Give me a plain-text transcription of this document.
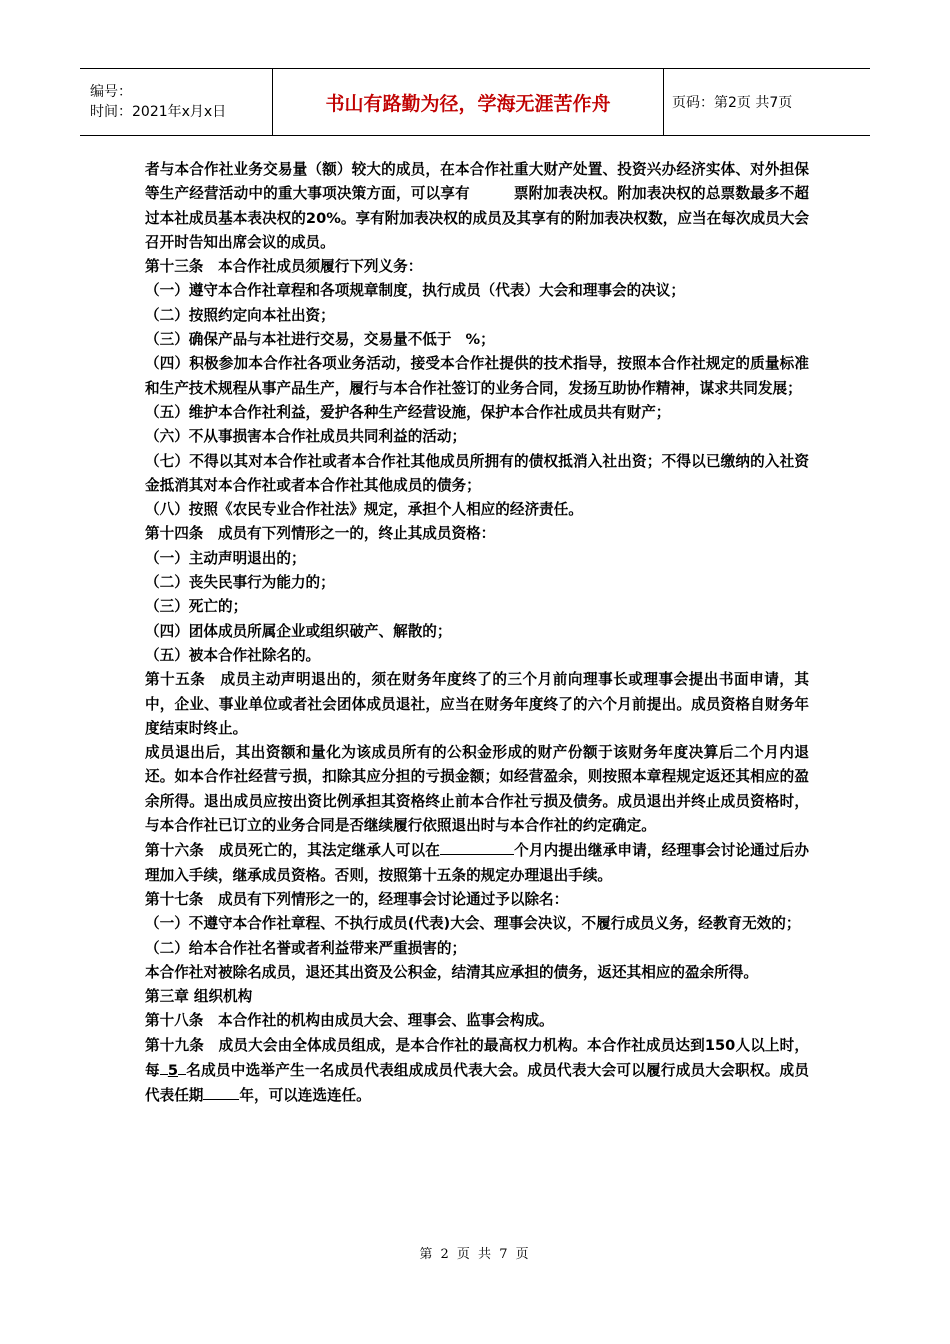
编号：
时间：2021年x月x日	书山有路勤为径，学海无涯苦作舟	页码：第2页 共7页

者与本合作社业务交易量（额）较大的成员，在本合作社重大财产处置、投资兴办经济实体、对外担保等生产经营活动中的重大事项决策方面，可以享有	票附加表决权。附加表决权的总票数最多不超过本社成员基本表决权的20%。享有附加表决权的成员及其享有的附加表决权数，应当在每次成员大会召开时告知出席会议的成员。

第十三条　本合作社成员须履行下列义务：

（一）遵守本合作社章程和各项规章制度，执行成员（代表）大会和理事会的决议；

（二）按照约定向本社出资；

（三）确保产品与本社进行交易，交易量不低于 %；

（四）积极参加本合作社各项业务活动，接受本合作社提供的技术指导，按照本合作社规定的质量标准和生产技术规程从事产品生产，履行与本合作社签订的业务合同，发扬互助协作精神，谋求共同发展；

（五）维护本合作社利益，爱护各种生产经营设施，保护本合作社成员共有财产；

（六）不从事损害本合作社成员共同利益的活动；

（七）不得以其对本合作社或者本合作社其他成员所拥有的债权抵消入社出资；不得以已缴纳的入社资金抵消其对本合作社或者本合作社其他成员的债务；

（八）按照《农民专业合作社法》规定，承担个人相应的经济责任。

第十四条　成员有下列情形之一的，终止其成员资格：

（一）主动声明退出的；

（二）丧失民事行为能力的；

（三）死亡的；

（四）团体成员所属企业或组织破产、解散的；

（五）被本合作社除名的。

第十五条　成员主动声明退出的，须在财务年度终了的三个月前向理事长或理事会提出书面申请，其中，企业、事业单位或者社会团体成员退社，应当在财务年度终了的六个月前提出。成员资格自财务年度结束时终止。

成员退出后，其出资额和量化为该成员所有的公积金形成的财产份额于该财务年度决算后二个月内退还。如本合作社经营亏损，扣除其应分担的亏损金额；如经营盈余，则按照本章程规定返还其相应的盈余所得。退出成员应按出资比例承担其资格终止前本合作社亏损及债务。成员退出并终止成员资格时，与本合作社已订立的业务合同是否继续履行依照退出时与本合作社的约定确定。

第十六条　成员死亡的，其法定继承人可以在	个月内提出继承申请，经理事会讨论通过后办理加入手续，继承成员资格。否则，按照第十五条的规定办理退出手续。

第十七条　成员有下列情形之一的，经理事会讨论通过予以除名：

（一）不遵守本合作社章程、不执行成员(代表)大会、理事会决议，不履行成员义务，经教育无效的；

（二）给本合作社名誉或者利益带来严重损害的；

本合作社对被除名成员，退还其出资及公积金，结清其应承担的债务，返还其相应的盈余所得。

第三章 组织机构

第十八条　本合作社的机构由成员大会、理事会、监事会构成。

第十九条　成员大会由全体成员组成，是本合作社的最高权力机构。本合作社成员达到150人以上时，每 5 名成员中选举产生一名成员代表组成成员代表大会。成员代表大会可以履行成员大会职权。成员代表任期 年，可以连选连任。

第 2 页 共 7 页
